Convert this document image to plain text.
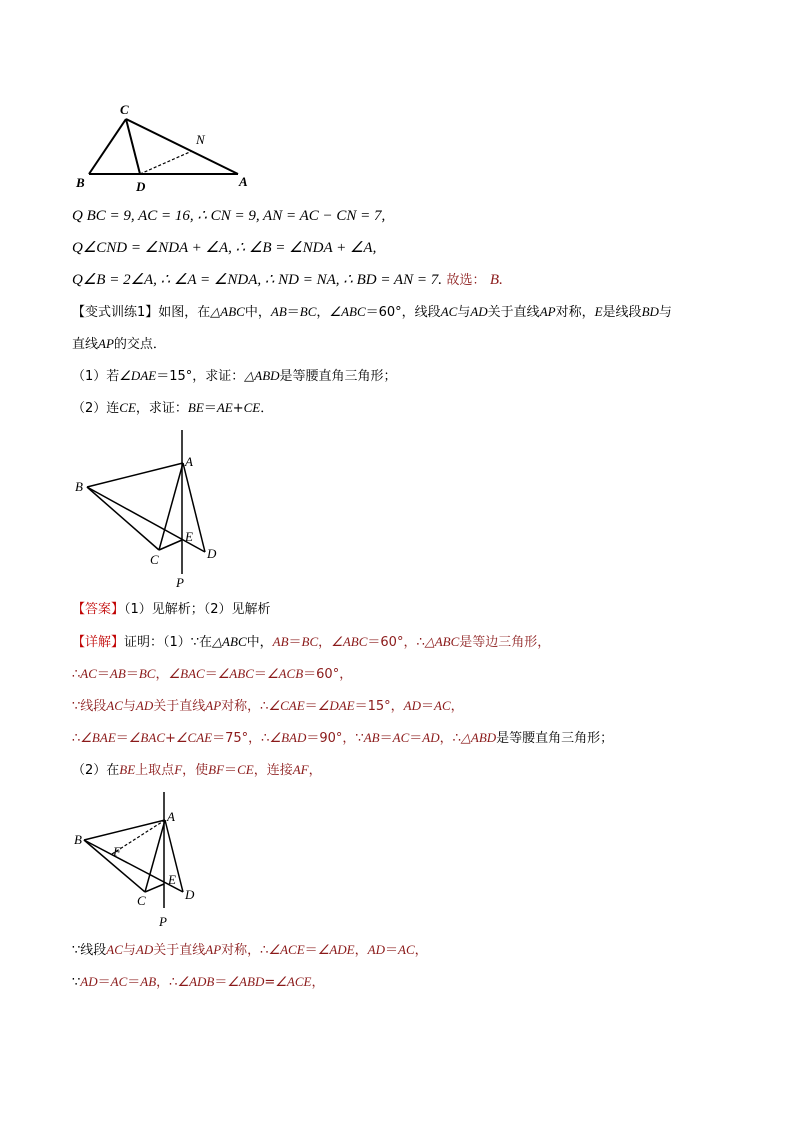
C
N
B	D	A
Q BC = 9, AC = 16, ∴ CN = 9, AN = AC − CN = 7,
Q∠CND = ∠NDA + ∠A, ∴ ∠B = ∠NDA + ∠A,
Q∠B = 2∠A, ∴ ∠A = ∠NDA, ∴ ND = NA, ∴ BD = AN = 7. 故选： B.
【变式训练1】如图，在△ABC中，AB＝BC，∠ABC＝60°，线段AC与AD关于直线AP对称，E是线段BD与
直线AP的交点．
（1）若∠DAE＝15°，求证：△ABD是等腰直角三角形；
（2）连CE，求证：BE＝AE+CE．
A
B
E
D
C
P
【答案】（1）见解析；（2）见解析
【详解】证明：（1）∵在△ABC中，AB＝BC，∠ABC＝60°，∴△ABC是等边三角形，
∴AC＝AB＝BC，∠BAC＝∠ABC＝∠ACB＝60°，
∵线段AC与AD关于直线AP对称，∴∠CAE＝∠DAE＝15°，AD＝AC，
∴∠BAE＝∠BAC+∠CAE＝75°，∴∠BAD＝90°，∵AB＝AC＝AD，∴△ABD是等腰直角三角形；
（2）在BE上取点F，使BF＝CE，连接AF，
A
B
F
E
D
C
P
∵线段AC与AD关于直线AP对称，∴∠ACE＝∠ADE，AD＝AC，
∵AD＝AC＝AB，∴∠ADB＝∠ABD=∠ACE，
